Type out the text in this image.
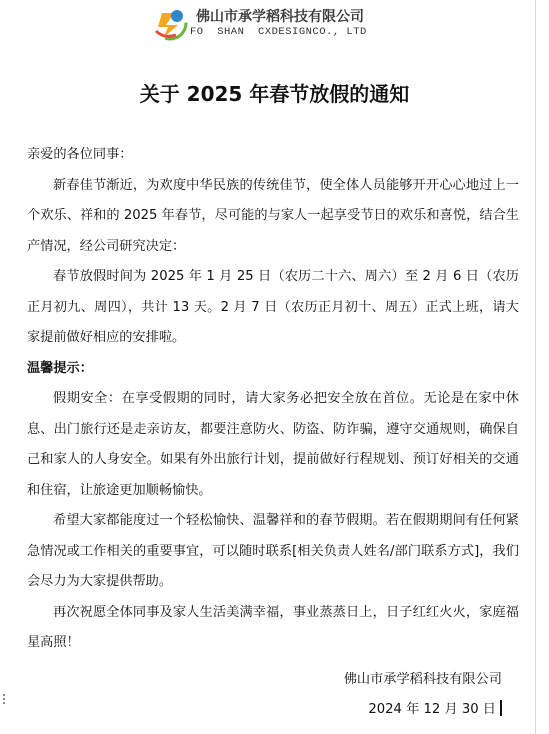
佛山市承学稻科技有限公司
FO  SHAN  CXDESIGNCO., LTD
关于 2025 年春节放假的通知

亲爱的各位同事：

新春佳节渐近，为欢度中华民族的传统佳节，使全体人员能够开开心心地过上一个欢乐、祥和的 2025 年春节，尽可能的与家人一起享受节日的欢乐和喜悦，结合生产情况，经公司研究决定：

春节放假时间为 2025 年 1 月 25 日（农历二十六、周六）至 2 月 6 日（农历正月初九、周四），共计 13 天。2 月 7 日（农历正月初十、周五）正式上班，请大家提前做好相应的安排啦。

温馨提示：

假期安全：在享受假期的同时，请大家务必把安全放在首位。无论是在家中休息、出门旅行还是走亲访友，都要注意防火、防盗、防诈骗，遵守交通规则，确保自己和家人的人身安全。如果有外出旅行计划，提前做好行程规划、预订好相关的交通和住宿，让旅途更加顺畅愉快。

希望大家都能度过一个轻松愉快、温馨祥和的春节假期。若在假期期间有任何紧急情况或工作相关的重要事宜，可以随时联系[相关负责人姓名/部门联系方式]，我们会尽力为大家提供帮助。

再次祝愿全体同事及家人生活美满幸福，事业蒸蒸日上，日子红红火火，家庭福星高照！

佛山市承学稻科技有限公司
2024 年 12 月 30 日
